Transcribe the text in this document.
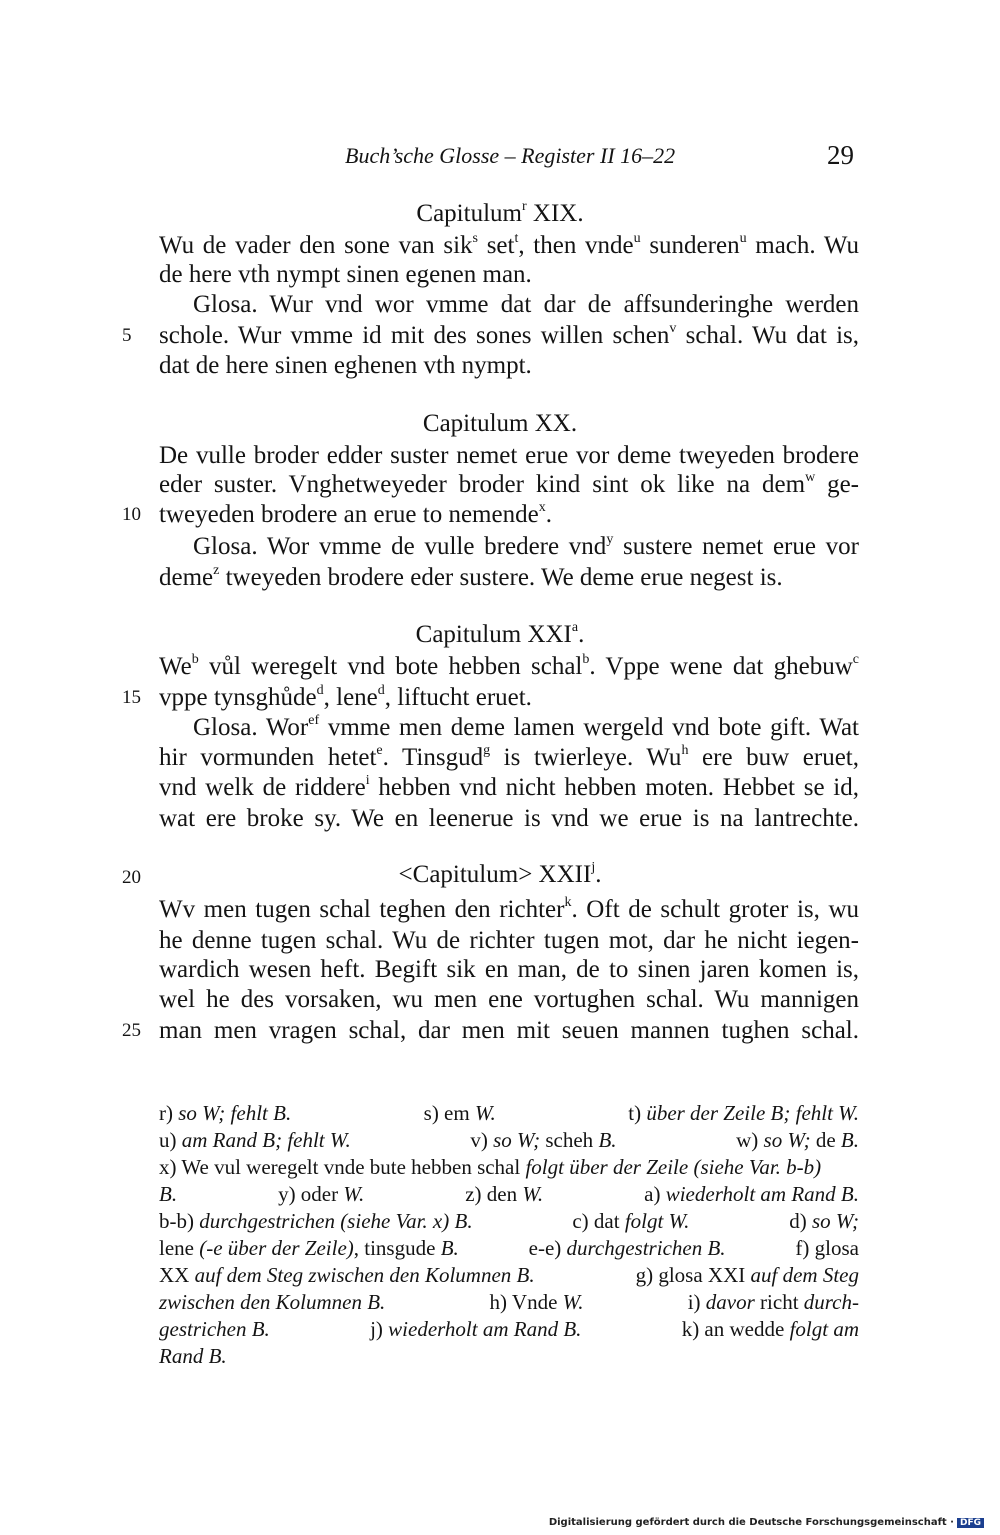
Buch’sche Glosse – Register II 16–22	29
Capitulum$^r$ XIX.
Wu de vader den sone van sik$^s$ set$^t$, then vnde$^u$ sunderen$^u$ mach. Wu
de here vth nympt sinen egenen man.
Glosa. Wur vnd wor vmme dat dar de affsunderinghe werden
5 schole. Wur vmme id mit des sones willen schen$^v$ schal. Wu dat is,
dat de here sinen eghenen vth nympt.
Capitulum XX.
De vulle broder edder suster nemet erue vor deme tweyeden brodere
eder suster. Vnghetweyeder broder kind sint ok like na dem$^w$ ge-
10 tweyeden brodere an erue to nemende$^x$.
Glosa. Wor vmme de vulle bredere vnd$^y$ sustere nemet erue vor
deme$^z$ tweyeden brodere eder sustere. We deme erue negest is.
Capitulum XXI$^a$.
We$^b$ vůl weregelt vnd bote hebben schal$^b$. Vppe wene dat ghebuw$^c$
15 vppe tynsghůde$^d$, lene$^d$, liftucht eruet.
Glosa. Wor$^{ef}$ vmme men deme lamen wergeld vnd bote gift. Wat
hir vormunden hetet$^e$. Tinsgud$^g$ is twierleye. Wu$^h$ ere buw eruet,
vnd welk de riddere$^i$ hebben vnd nicht hebben moten. Hebbet se id,
wat ere broke sy. We en leenerue is vnd we erue is na lantrechte.
20	<Capitulum> $XXII^j$.
Wv men tugen schal teghen den richter$^k$. Oft de schult groter is, wu
he denne tugen schal. Wu de richter tugen mot, dar he nicht iegen-
wardich wesen heft. Begift sik en man, de to sinen jaren komen is,
wel he des vorsaken, wu men ene vortughen schal. Wu mannigen
25 man men vragen schal, dar men mit seuen mannen tughen schal.
r) so W; fehlt B.	s) em W.	t) über der Zeile B; fehlt W.
u) am Rand B; fehlt W.	v) so W; scheh B.	w) so W; de B.
x) We vul weregelt vnde bute hebben schal folgt über der Zeile (siehe Var. b-b)
B.	y) oder W.	z) den W.	a) wiederholt am Rand B.
b-b) durchgestrichen (siehe Var. x) B.	c) dat folgt W.	d) so W;
lene (-e über der Zeile), tinsgude B.	e-e) durchgestrichen B.	f) glosa
XX auf dem Steg zwischen den Kolumnen B.	g) glosa XXI auf dem Steg
zwischen den Kolumnen B.	h) Vnde W.	i) davor richt durch-
gestrichen B.	j) wiederholt am Rand B.	k) an wedde folgt am
Rand B.
Digitalisierung gefördert durch die Deutsche Forschungsgemeinschaft · DFG
